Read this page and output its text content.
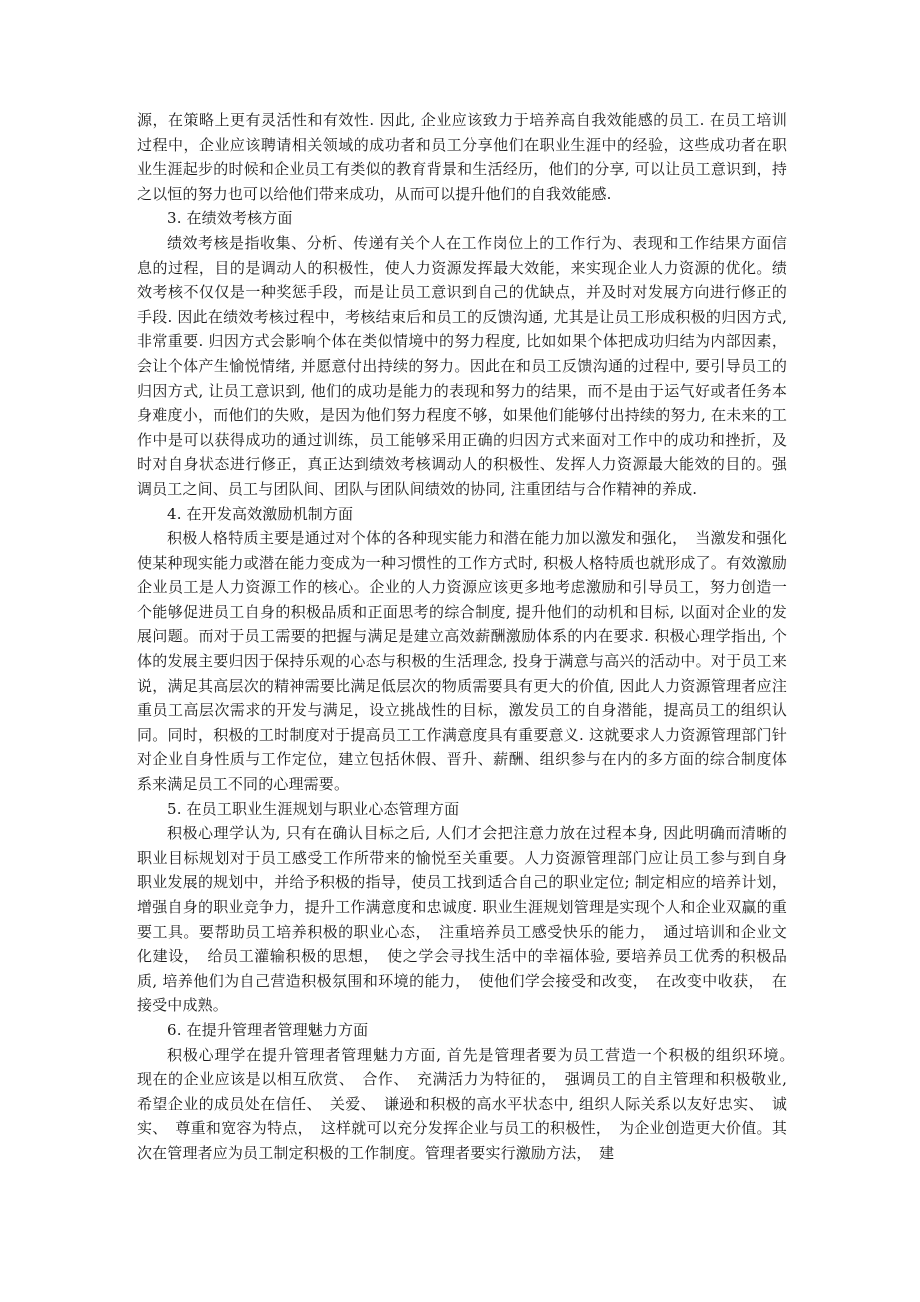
源，在策略上更有灵活性和有效性. 因此, 企业应该致力于培养高自我效能感的员工. 在员工培训过程中，企业应该聘请相关领域的成功者和员工分享他们在职业生涯中的经验，这些成功者在职业生涯起步的时候和企业员工有类似的教育背景和生活经历，他们的分享, 可以让员工意识到，持之以恒的努力也可以给他们带来成功，从而可以提升他们的自我效能感.

3. 在绩效考核方面

绩效考核是指收集、分析、传递有关个人在工作岗位上的工作行为、表现和工作结果方面信息的过程，目的是调动人的积极性，使人力资源发挥最大效能，来实现企业人力资源的优化。绩效考核不仅仅是一种奖惩手段，而是让员工意识到自己的优缺点，并及时对发展方向进行修正的手段. 因此在绩效考核过程中，考核结束后和员工的反馈沟通, 尤其是让员工形成积极的归因方式, 非常重要. 归因方式会影响个体在类似情境中的努力程度, 比如如果个体把成功归结为内部因素，会让个体产生愉悦情绪, 并愿意付出持续的努力。因此在和员工反馈沟通的过程中, 要引导员工的归因方式, 让员工意识到, 他们的成功是能力的表现和努力的结果，而不是由于运气好或者任务本身难度小，而他们的失败，是因为他们努力程度不够，如果他们能够付出持续的努力, 在未来的工作中是可以获得成功的通过训练，员工能够采用正确的归因方式来面对工作中的成功和挫折，及时对自身状态进行修正，真正达到绩效考核调动人的积极性、发挥人力资源最大能效的目的。强调员工之间、员工与团队间、团队与团队间绩效的协同, 注重团结与合作精神的养成.

4. 在开发高效激励机制方面

积极人格特质主要是通过对个体的各种现实能力和潜在能力加以激发和强化，　当激发和强化使某种现实能力或潜在能力变成为一种习惯性的工作方式时, 积极人格特质也就形成了。有效激励企业员工是人力资源工作的核心。企业的人力资源应该更多地考虑激励和引导员工，努力创造一个能够促进员工自身的积极品质和正面思考的综合制度, 提升他们的动机和目标, 以面对企业的发展问题。而对于员工需要的把握与满足是建立高效薪酬激励体系的内在要求. 积极心理学指出, 个体的发展主要归因于保持乐观的心态与积极的生活理念, 投身于满意与高兴的活动中。对于员工来说，满足其高层次的精神需要比满足低层次的物质需要具有更大的价值, 因此人力资源管理者应注重员工高层次需求的开发与满足，设立挑战性的目标，激发员工的自身潜能，提高员工的组织认同。同时，积极的工时制度对于提高员工工作满意度具有重要意义. 这就要求人力资源管理部门针对企业自身性质与工作定位，建立包括休假、晋升、薪酬、组织参与在内的多方面的综合制度体系来满足员工不同的心理需要。

5. 在员工职业生涯规划与职业心态管理方面

积极心理学认为, 只有在确认目标之后, 人们才会把注意力放在过程本身, 因此明确而清晰的职业目标规划对于员工感受工作所带来的愉悦至关重要。人力资源管理部门应让员工参与到自身职业发展的规划中，并给予积极的指导，使员工找到适合自己的职业定位; 制定相应的培养计划，增强自身的职业竞争力，提升工作满意度和忠诚度. 职业生涯规划管理是实现个人和企业双赢的重要工具。要帮助员工培养积极的职业心态，　注重培养员工感受快乐的能力，　通过培训和企业文化建设，　给员工灌输积极的思想，　使之学会寻找生活中的幸福体验, 要培养员工优秀的积极品质, 培养他们为自己营造积极氛围和环境的能力，　使他们学会接受和改变，　在改变中收获，　在接受中成熟。

6. 在提升管理者管理魅力方面

积极心理学在提升管理者管理魅力方面, 首先是管理者要为员工营造一个积极的组织环境。　现在的企业应该是以相互欣赏、　合作、　充满活力为特征的，　强调员工的自主管理和积极敬业, 希望企业的成员处在信任、　关爱、　谦逊和积极的高水平状态中, 组织人际关系以友好忠实、　诚实、　尊重和宽容为特点，　这样就可以充分发挥企业与员工的积极性，　为企业创造更大价值。其次在管理者应为员工制定积极的工作制度。管理者要实行激励方法，　建
